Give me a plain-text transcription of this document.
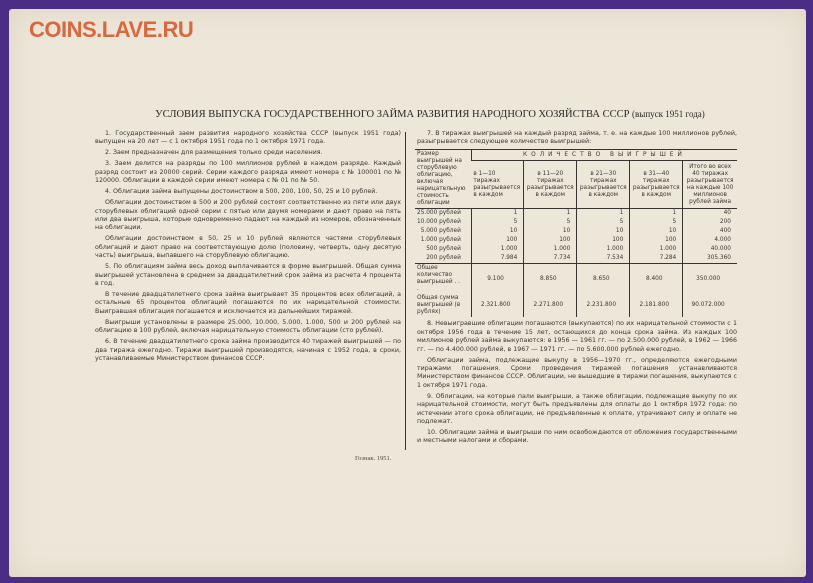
COINS.LAVE.RU
УСЛОВИЯ ВЫПУСКА ГОСУДАРСТВЕННОГО ЗАЙМА РАЗВИТИЯ НАРОДНОГО ХОЗЯЙСТВА СССР (выпуск 1951 года)

1. Государственный заем развития народного хозяйства СССР (выпуск 1951 года) выпущен на 20 лет — с 1 октября 1951 года по 1 октября 1971 года.

2. Заем предназначен для размещения только среди населения.

3. Заем делится на разряды по 100 миллионов рублей в каждом разряде. Каждый разряд состоит из 20000 серий. Серии каждого разряда имеют номера с № 100001 по № 120000. Облигации в каждой серии имеют номера с № 01 по № 50.

4. Облигации займа выпущены достоинством в 500, 200, 100, 50, 25 и 10 рублей.

Облигации достоинством в 500 и 200 рублей состоят соответственно из пяти или двух сторублевых облигаций одной серии с пятью или двумя номерами и дают право на пять или два выигрыша, которые одновременно падают на каждый из номеров, обозначенных на облигации.

Облигации достоинством в 50, 25 и 10 рублей являются частями сторублевых облигаций и дают право на соответствующую долю (половину, четверть, одну десятую часть) выигрыша, выпавшего на сторублевую облигацию.

5. По облигациям займа весь доход выплачивается в форме выигрышей. Общая сумма выигрышей установлена в среднем за двадцатилетний срок займа из расчета 4 процента в год.

В течение двадцатилетнего срока займа выигрывает 35 процентов всех облигаций, а остальные 65 процентов облигаций погашаются по их нарицательной стоимости. Выигравшая облигация погашается и исключается из дальнейших тиражей.

Выигрыши установлены в размере 25.000, 10.000, 5.000, 1.000, 500 и 200 рублей на облигацию в 100 рублей, включая нарицательную стоимость облигации (сто рублей).

6. В течение двадцатилетнего срока займа производится 40 тиражей выигрышей — по два тиража ежегодно. Тиражи выигрышей производятся, начиная с 1952 года, в сроки, устанавливаемые Министерством финансов СССР.

7. В тиражах выигрышей на каждый разряд займа, т. е. на каждые 100 миллионов рублей, разыгрывается следующее количество выигрышей:

Размер выигрышей на сторублевую облигацию, включая нарицательную стоимость облигации	КОЛИЧЕСТВО ВЫИГРЫШЕЙ				
	в 1—10 тиражах разыгрывается в каждом	в 11—20 тиражах разыгрывается в каждом	в 21—30 тиражах разыгрывается в каждом	в 31—40 тиражах разыгрывается в каждом	Итого во всех 40 тиражах разыгрывается на каждые 100 миллионов рублей займа
25.000 рублей	1	1	1	1	40
10.000 рублей	5	5	5	5	200
5.000 рублей	10	10	10	10	400
1.000 рублей	100	100	100	100	4.000
500 рублей	1.000	1.000	1.000	1.000	40.000
200 рублей	7.984	7.734	7.534	7.284	305.360
Общее количество выигрышей . . .	9.100	8.850	8.650	8.400	350.000
Общая сумма выигрышей (в рублях)	2.321.800	2.271.800	2.231.800	2.181.800	90.072.000

8. Невыигравшие облигации погашаются (выкупаются) по их нарицательной стоимости с 1 октября 1956 года в течение 15 лет, остающихся до конца срока займа. Из каждых 100 миллионов рублей займа выкупаются: в 1956 — 1961 гг. — по 2.500.000 рублей, в 1962 — 1966 гг. — по 4.400.000 рублей, в 1967 — 1971 гг. — по 5.600.000 рублей ежегодно.

Облигации займа, подлежащие выкупу в 1956—1970 гг., определяются ежегодными тиражами погашения. Сроки проведения тиражей погашения устанавливаются Министерством финансов СССР. Облигации, не вышедшие в тиражи погашения, выкупаются с 1 октября 1971 года.

9. Облигации, на которые пали выигрыши, а также облигации, подлежащие выкупу по их нарицательной стоимости, могут быть предъявлены для оплаты до 1 октября 1972 года: по истечении этого срока облигации, не предъявленные к оплате, утрачивают силу и оплате не подлежат.

10. Облигации займа и выигрыши по ним освобождаются от обложения государственными и местными налогами и сборами.

Гознак. 1951.
